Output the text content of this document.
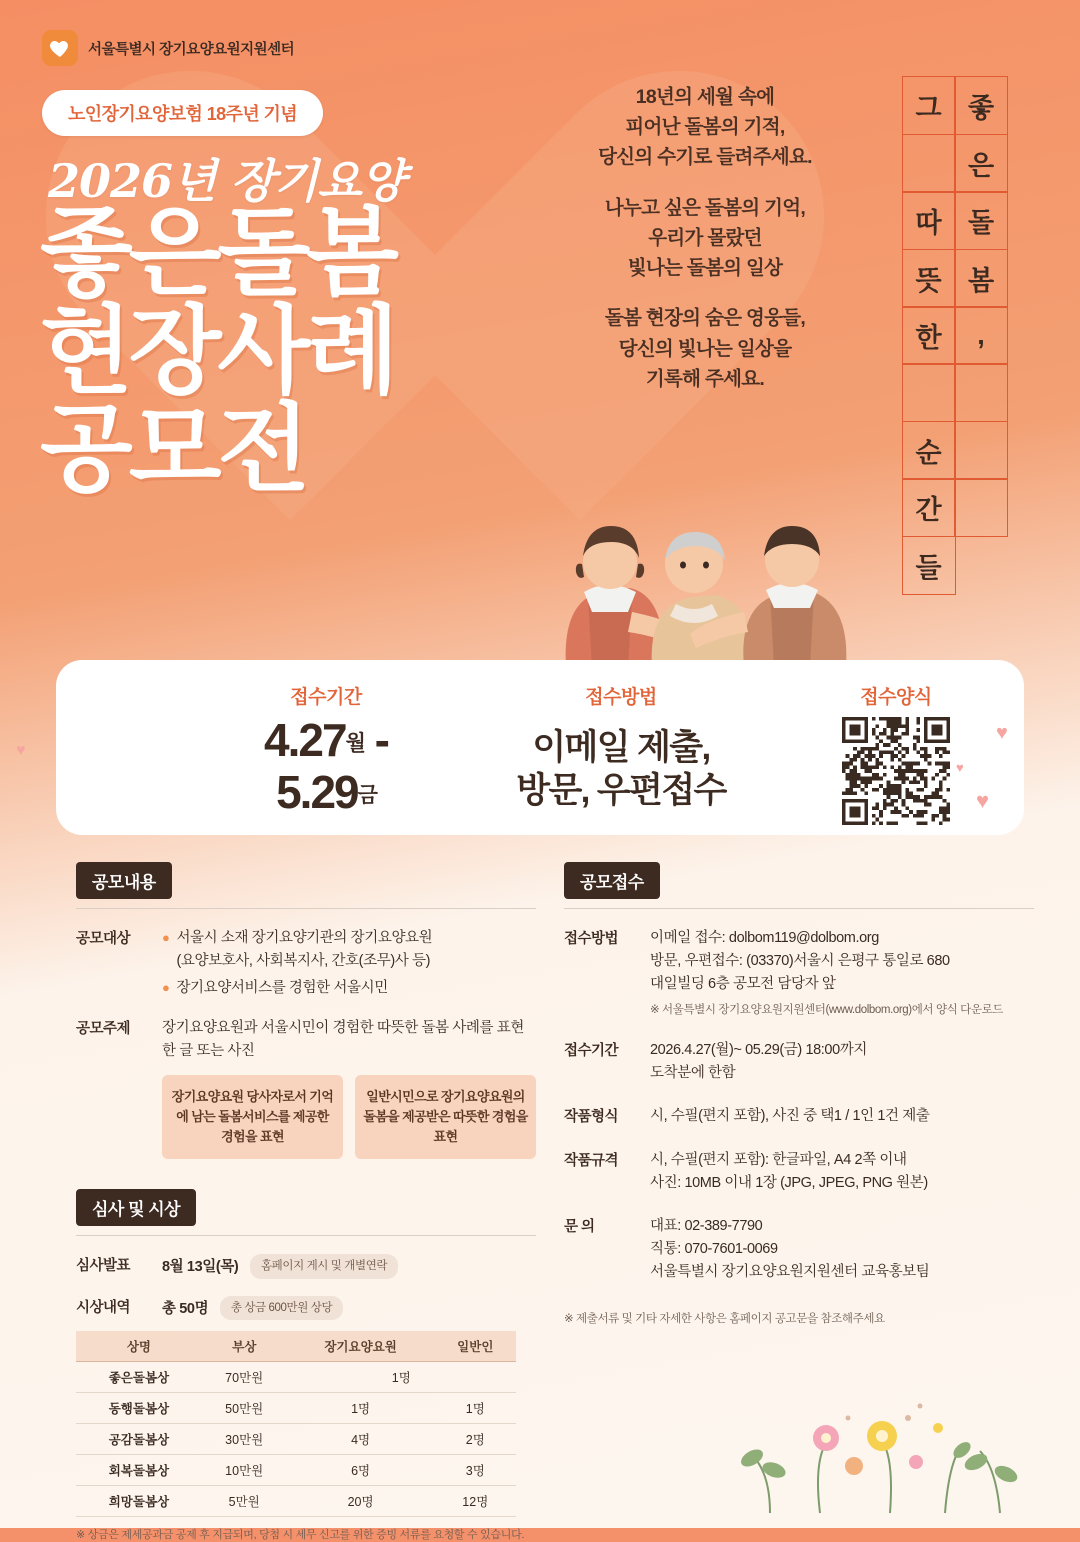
서울특별시 장기요양요원지원센터
노인장기요양보험 18주년 기념
2026년 장기요양
좋은돌봄
현장사례
공모전

18년의 세월 속에
피어난 돌봄의 기적,
당신의 수기로 들려주세요.

나누고 싶은 돌봄의 기억,
우리가 몰랐던
빛나는 돌봄의 일상

돌봄 현장의 숨은 영웅들,
당신의 빛나는 일상을
기록해 주세요.

그
따
뜻
한
순
간
들
좋
은
돌
봄
,
접수기간
4.27월 -
5.29금
접수방법
이메일 제출,
방문, 우편접수
접수양식
♥
♥
♥
♥
공모내용
공모대상	● 서울시 소재 장기요양기관의 장기요양요원
(요양보호사, 사회복지사, 간호(조무)사 등)
● 장기요양서비스를 경험한 서울시민
공모주제	장기요양요원과 서울시민이 경험한 따뜻한 돌봄 사례를 표현한 글 또는 사진
장기요양요원 당사자로서 기억에 남는 돌봄서비스를 제공한 경험을 표현
일반시민으로 장기요양요원의 돌봄을 제공받은 따뜻한 경험을 표현
심사 및 시상
심사발표	8월 13일(목) 홈페이지 게시 및 개별연락
시상내역	총 50명 총 상금 600만원 상당
상명	부상	장기요양요원	일반인
좋은돌봄상	70만원	1명	
동행돌봄상	50만원	1명	1명
공감돌봄상	30만원	4명	2명
회복돌봄상	10만원	6명	3명
희망돌봄상	5만원	20명	12명
※ 상금은 제세공과금 공제 후 지급되며, 당첨 시 세무 신고를 위한 증빙 서류를 요청할 수 있습니다.
공모접수
접수방법	이메일 접수: dolbom119@dolbom.org
방문, 우편접수: (03370)서울시 은평구 통일로 680
대일빌딩 6층 공모전 담당자 앞
※ 서울특별시 장기요양요원지원센터(www.dolbom.org)에서 양식 다운로드
접수기간	2026.4.27(월)~ 05.29(금) 18:00까지
도착분에 한함
작품형식	시, 수필(편지 포함), 사진 중 택1 / 1인 1건 제출
작품규격	시, 수필(편지 포함): 한글파일, A4 2쪽 이내
사진: 10MB 이내 1장 (JPG, JPEG, PNG 원본)
문 의	대표: 02-389-7790
직통: 070-7601-0069
서울특별시 장기요양요원지원센터 교육홍보팀
※ 제출서류 및 기타 자세한 사항은 홈페이지 공고문을 참조해주세요
